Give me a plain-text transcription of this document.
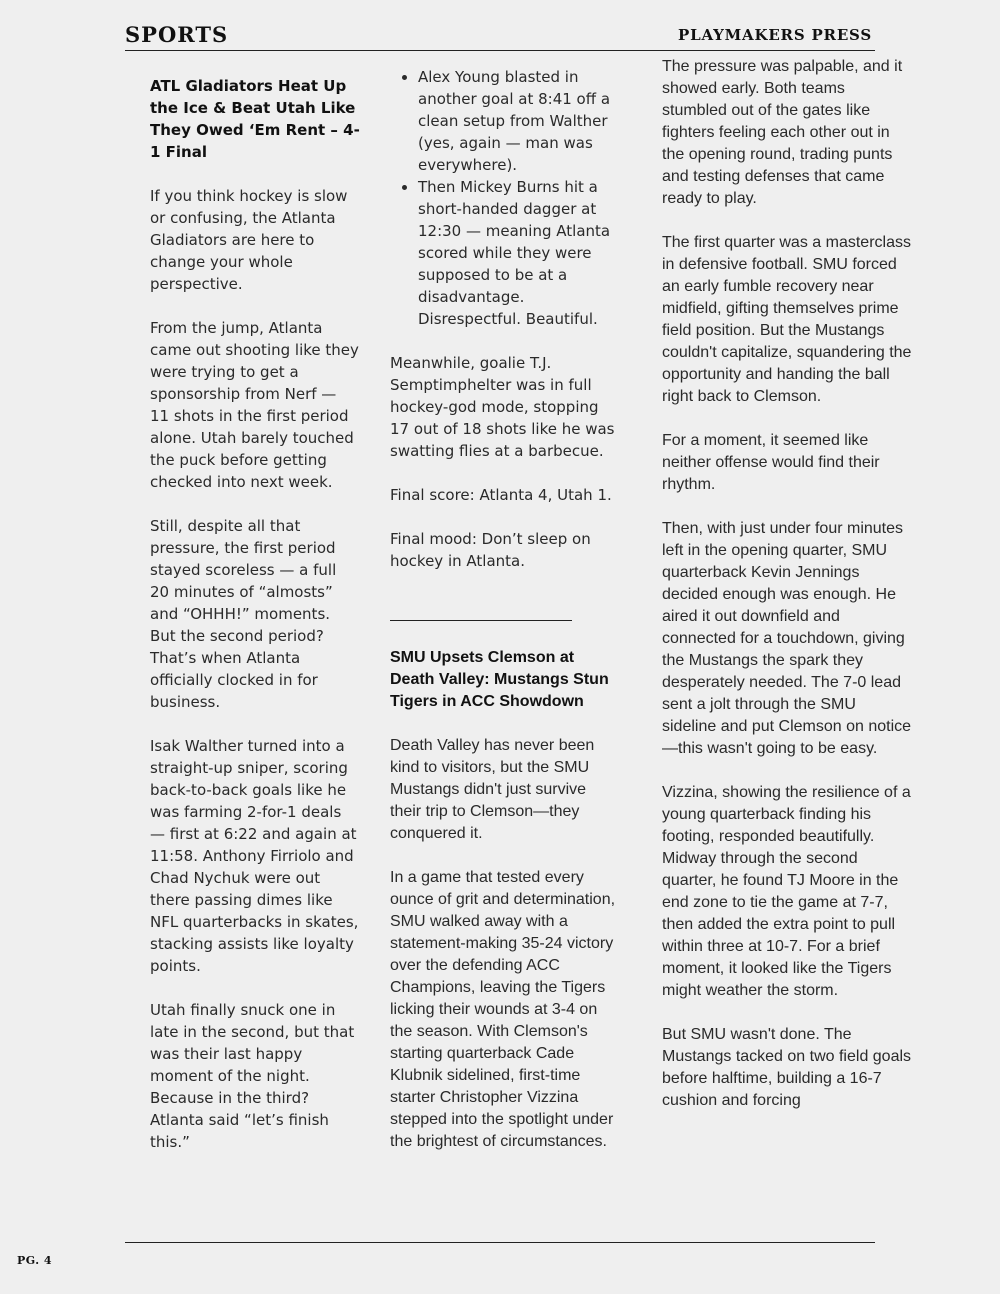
SPORTS	PLAYMAKERS PRESS
ATL Gladiators Heat Up the Ice & Beat Utah Like They Owed ‘Em Rent – 4-1 Final

If you think hockey is slow or confusing, the Atlanta Gladiators are here to change your whole perspective.

From the jump, Atlanta came out shooting like they were trying to get a sponsorship from Nerf — 11 shots in the first period alone. Utah barely touched the puck before getting checked into next week.

Still, despite all that pressure, the first period stayed scoreless — a full 20 minutes of “almosts” and “OHHH!” moments. But the second period? That’s when Atlanta officially clocked in for business.

Isak Walther turned into a straight-up sniper, scoring back-to-back goals like he was farming 2-for-1 deals — first at 6:22 and again at 11:58. Anthony Firriolo and Chad Nychuk were out there passing dimes like NFL quarterbacks in skates, stacking assists like loyalty points.

Utah finally snuck one in late in the second, but that was their last happy moment of the night. Because in the third? Atlanta said “let’s finish this.”

• Alex Young blasted in another goal at 8:41 off a clean setup from Walther (yes, again — man was everywhere).
• Then Mickey Burns hit a short-handed dagger at 12:30 — meaning Atlanta scored while they were supposed to be at a disadvantage. Disrespectful. Beautiful.

Meanwhile, goalie T.J. Semptimphelter was in full hockey-god mode, stopping 17 out of 18 shots like he was swatting flies at a barbecue.

Final score: Atlanta 4, Utah 1.

Final mood: Don’t sleep on hockey in Atlanta.

SMU Upsets Clemson at Death Valley: Mustangs Stun Tigers in ACC Showdown

Death Valley has never been kind to visitors, but the SMU Mustangs didn't just survive their trip to Clemson—they conquered it.

In a game that tested every ounce of grit and determination, SMU walked away with a statement-making 35-24 victory over the defending ACC Champions, leaving the Tigers licking their wounds at 3-4 on the season. With Clemson's starting quarterback Cade Klubnik sidelined, first-time starter Christopher Vizzina stepped into the spotlight under the brightest of circumstances.

The pressure was palpable, and it showed early. Both teams stumbled out of the gates like fighters feeling each other out in the opening round, trading punts and testing defenses that came ready to play.

The first quarter was a masterclass in defensive football. SMU forced an early fumble recovery near midfield, gifting themselves prime field position. But the Mustangs couldn't capitalize, squandering the opportunity and handing the ball right back to Clemson.

For a moment, it seemed like neither offense would find their rhythm.

Then, with just under four minutes left in the opening quarter, SMU quarterback Kevin Jennings decided enough was enough. He aired it out downfield and connected for a touchdown, giving the Mustangs the spark they desperately needed. The 7-0 lead sent a jolt through the SMU sideline and put Clemson on notice—this wasn't going to be easy.

Vizzina, showing the resilience of a young quarterback finding his footing, responded beautifully. Midway through the second quarter, he found TJ Moore in the end zone to tie the game at 7-7, then added the extra point to pull within three at 10-7. For a brief moment, it looked like the Tigers might weather the storm.

But SMU wasn't done. The Mustangs tacked on two field goals before halftime, building a 16-7 cushion and forcing

PG. 4
